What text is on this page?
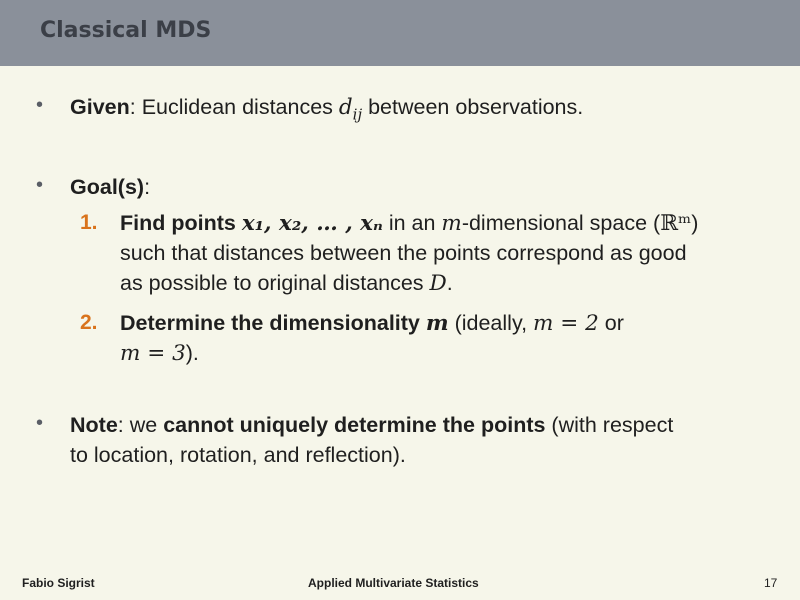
Classical MDS
•	Given: Euclidean distances $d_{ij}$ between observations.
•	Goal(s):
1. Find points x₁, x₂, … , xₙ in an m-dimensional space (ℝᵐ)
such that distances between the points correspond as good
as possible to original distances D.
2. Determine the dimensionality m (ideally, m = 2 or
m = 3).
•	Note: we cannot uniquely determine the points (with respect
to location, rotation, and reflection).
Fabio Sigrist	Applied Multivariate Statistics	17
